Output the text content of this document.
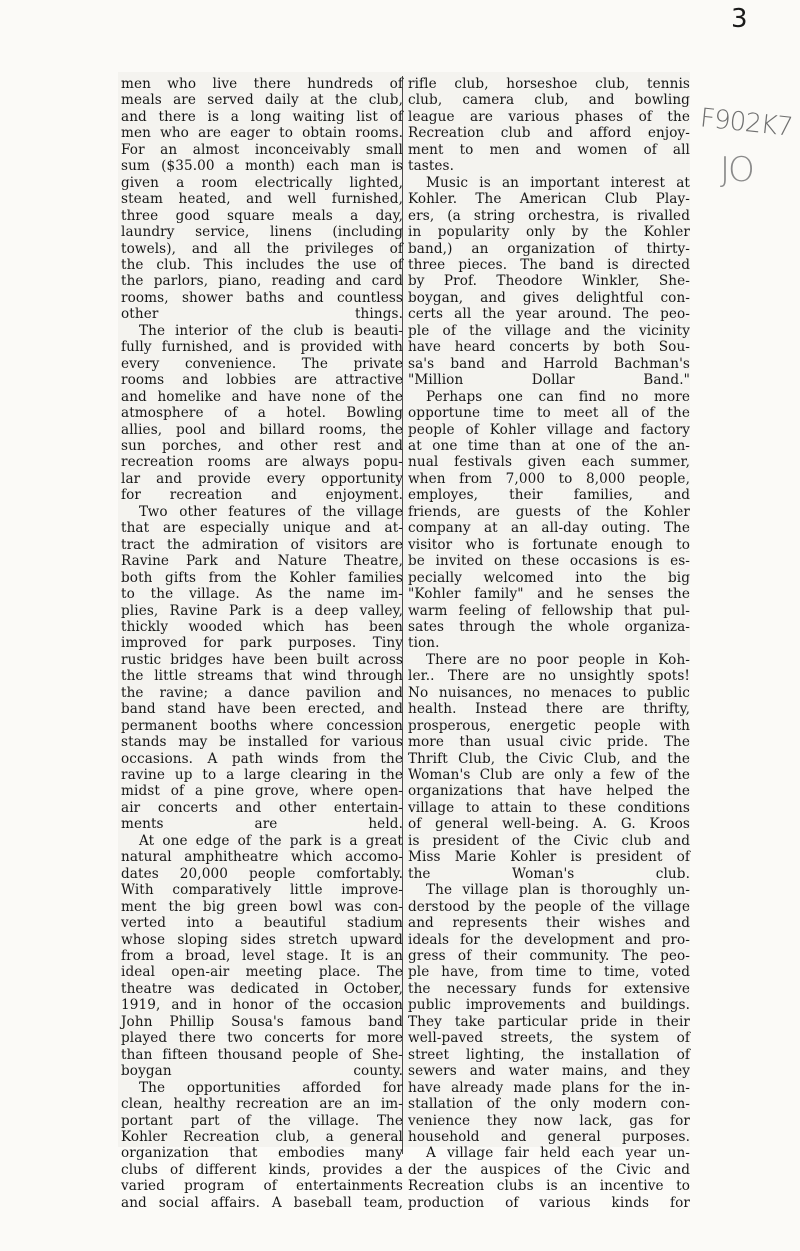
3
F902K7
JO

men who live there hundreds of
meals are served daily at the club,
and there is a long waiting list of
men who are eager to obtain rooms.
For an almost inconceivably small
sum ($35.00 a month) each man is
given a room electrically lighted,
steam heated, and well furnished,
three good square meals a day,
laundry service, linens (including
towels), and all the privileges of
the club. This includes the use of
the parlors, piano, reading and card
rooms, shower baths and countless
other things.

The interior of the club is beauti-
fully furnished, and is provided with
every convenience. The private
rooms and lobbies are attractive
and homelike and have none of the
atmosphere of a hotel. Bowling
allies, pool and billard rooms, the
sun porches, and other rest and
recreation rooms are always popu-
lar and provide every opportunity
for recreation and enjoyment.

Two other features of the village
that are especially unique and at-
tract the admiration of visitors are
Ravine Park and Nature Theatre,
both gifts from the Kohler families
to the village. As the name im-
plies, Ravine Park is a deep valley,
thickly wooded which has been
improved for park purposes. Tiny
rustic bridges have been built across
the little streams that wind through
the ravine; a dance pavilion and
band stand have been erected, and
permanent booths where concession
stands may be installed for various
occasions. A path winds from the
ravine up to a large clearing in the
midst of a pine grove, where open-
air concerts and other entertain-
ments are held.

At one edge of the park is a great
natural amphitheatre which accomo-
dates 20,000 people comfortably.
With comparatively little improve-
ment the big green bowl was con-
verted into a beautiful stadium
whose sloping sides stretch upward
from a broad, level stage. It is an
ideal open-air meeting place. The
theatre was dedicated in October,
1919, and in honor of the occasion
John Phillip Sousa's famous band
played there two concerts for more
than fifteen thousand people of She-
boygan county.

The opportunities afforded for
clean, healthy recreation are an im-
portant part of the village. The
Kohler Recreation club, a general
organization that embodies many
clubs of different kinds, provides a
varied program of entertainments
and social affairs. A baseball team,

rifle club, horseshoe club, tennis
club, camera club, and bowling
league are various phases of the
Recreation club and afford enjoy-
ment to men and women of all
tastes.

Music is an important interest at
Kohler. The American Club Play-
ers, (a string orchestra, is rivalled
in popularity only by the Kohler
band,) an organization of thirty-
three pieces. The band is directed
by Prof. Theodore Winkler, She-
boygan, and gives delightful con-
certs all the year around. The peo-
ple of the village and the vicinity
have heard concerts by both Sou-
sa's band and Harrold Bachman's
"Million Dollar Band."

Perhaps one can find no more
opportune time to meet all of the
people of Kohler village and factory
at one time than at one of the an-
nual festivals given each summer,
when from 7,000 to 8,000 people,
employes, their families, and
friends, are guests of the Kohler
company at an all-day outing. The
visitor who is fortunate enough to
be invited on these occasions is es-
pecially welcomed into the big
"Kohler family" and he senses the
warm feeling of fellowship that pul-
sates through the whole organiza-
tion.

There are no poor people in Koh-
ler.. There are no unsightly spots!
No nuisances, no menaces to public
health. Instead there are thrifty,
prosperous, energetic people with
more than usual civic pride. The
Thrift Club, the Civic Club, and the
Woman's Club are only a few of the
organizations that have helped the
village to attain to these conditions
of general well-being. A. G. Kroos
is president of the Civic club and
Miss Marie Kohler is president of
the Woman's club.

The village plan is thoroughly un-
derstood by the people of the village
and represents their wishes and
ideals for the development and pro-
gress of their community. The peo-
ple have, from time to time, voted
the necessary funds for extensive
public improvements and buildings.
They take particular pride in their
well-paved streets, the system of
street lighting, the installation of
sewers and water mains, and they
have already made plans for the in-
stallation of the only modern con-
venience they now lack, gas for
household and general purposes.

A village fair held each year un-
der the auspices of the Civic and
Recreation clubs is an incentive to
production of various kinds for
